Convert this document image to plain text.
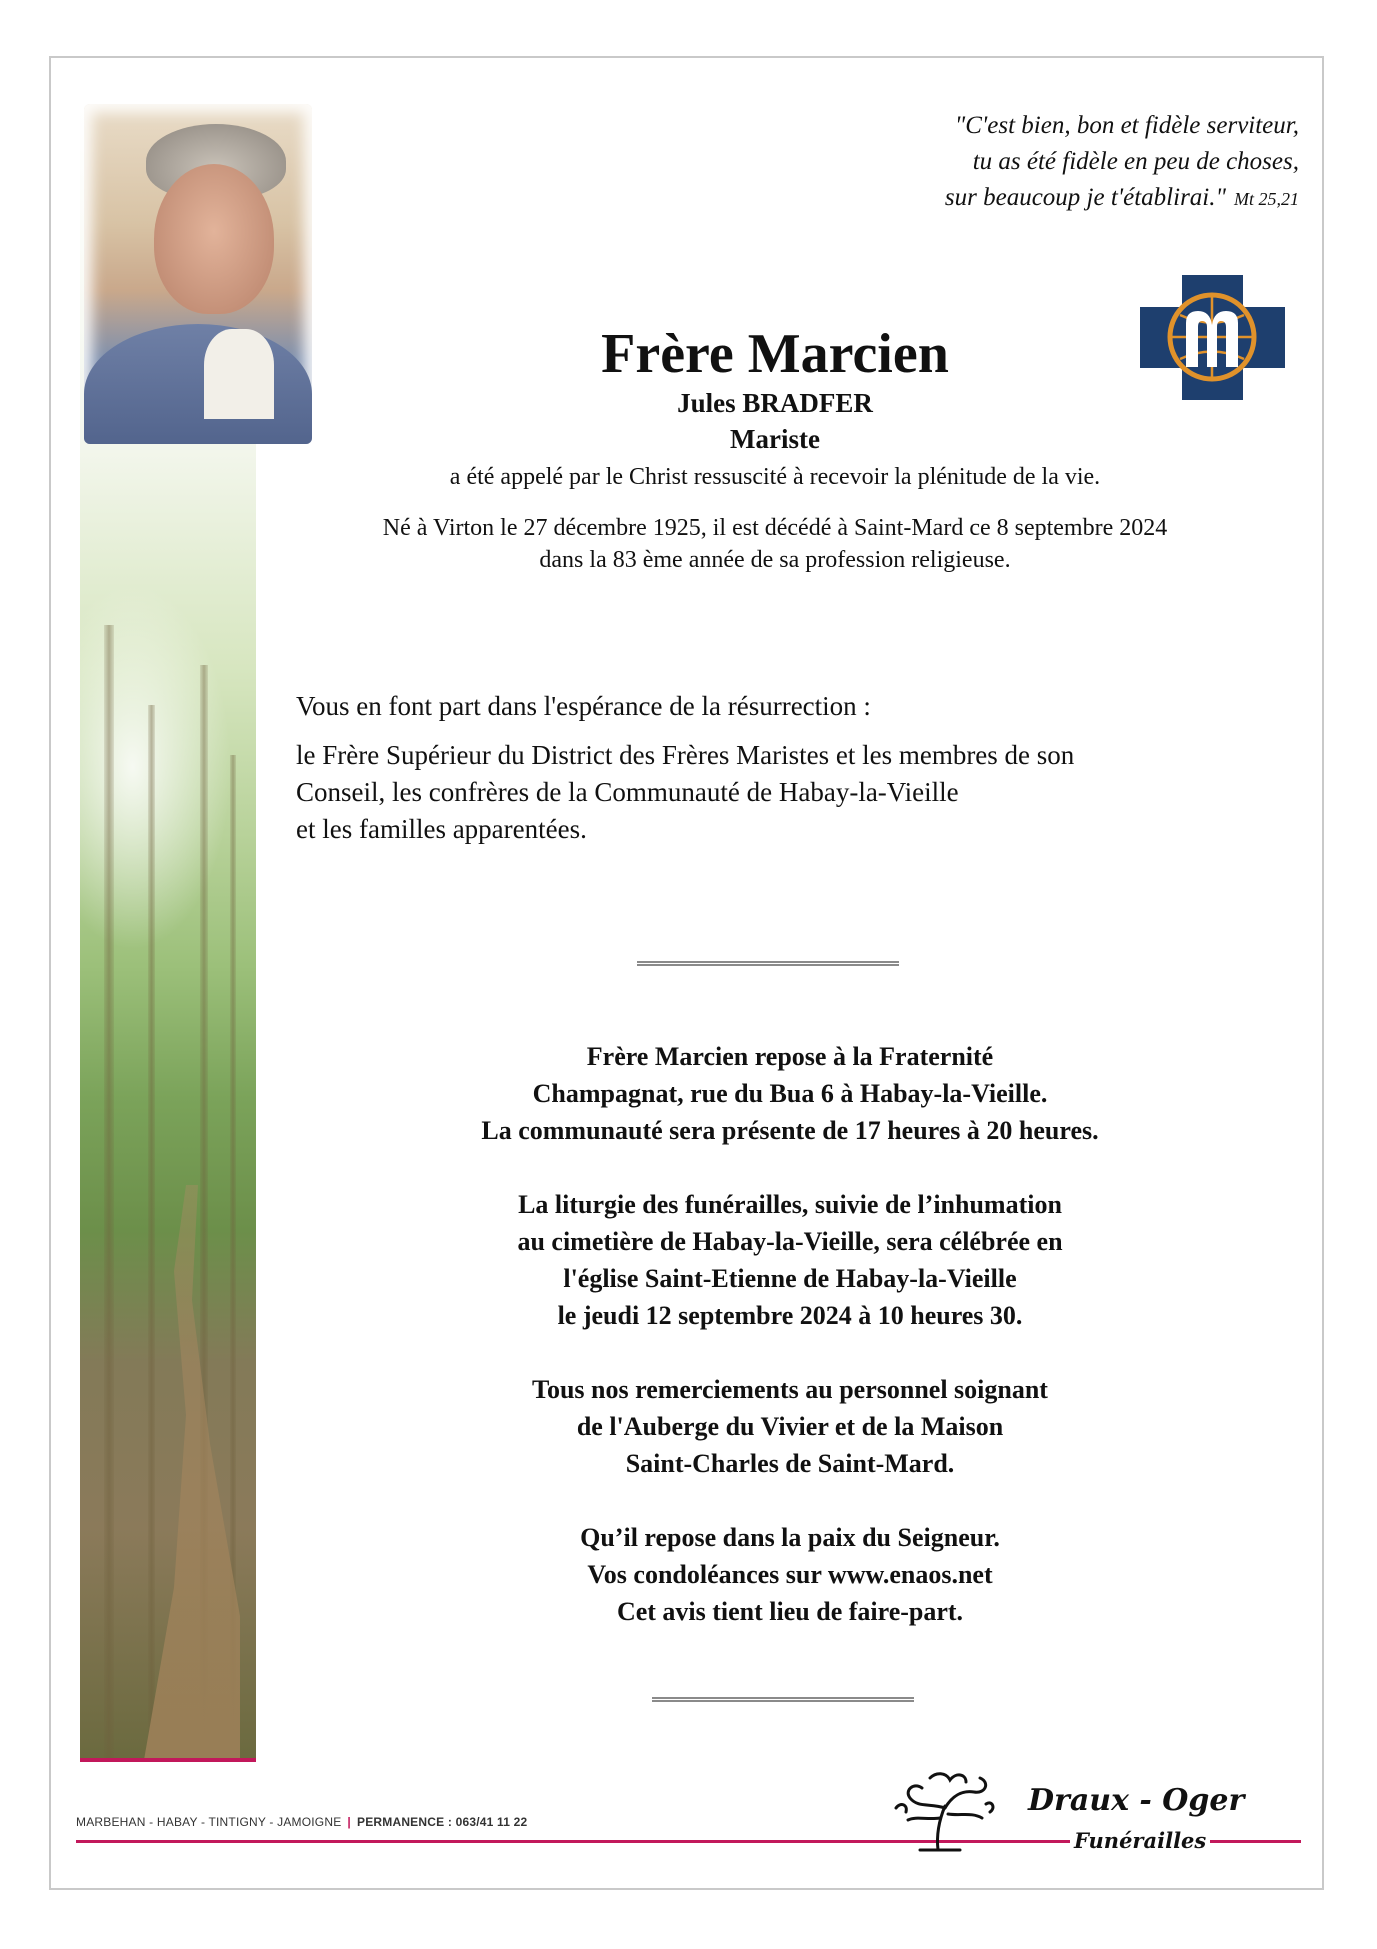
"C'est bien, bon et fidèle serviteur,
tu as été fidèle en peu de choses,
sur beaucoup je t'établirai." Mt 25,21
Frère Marcien
Jules BRADFER
Mariste
a été appelé par le Christ ressuscité à recevoir la plénitude de la vie.
Né à Virton le 27 décembre 1925, il est décédé à Saint-Mard ce 8 septembre 2024
dans la 83 ème année de sa profession religieuse.

Vous en font part dans l'espérance de la résurrection :

le Frère Supérieur du District des Frères Maristes et les membres de son

Conseil, les confrères de la Communauté de Habay-la-Vieille

et les familles apparentées.

Frère Marcien repose à la Fraternité
Champagnat, rue du Bua 6 à Habay-la-Vieille.
La communauté sera présente de 17 heures à 20 heures.

La liturgie des funérailles, suivie de l’inhumation
au cimetière de Habay-la-Vieille, sera célébrée en
l'église Saint-Etienne de Habay-la-Vieille
le jeudi 12 septembre 2024 à 10 heures 30.

Tous nos remerciements au personnel soignant
de l'Auberge du Vivier et de la Maison
Saint-Charles de Saint-Mard.

Qu’il repose dans la paix du Seigneur.
Vos condoléances sur www.enaos.net
Cet avis tient lieu de faire-part.

MARBEHAN - HABAY - TINTIGNY - JAMOIGNE | PERMANENCE : 063/41 11 22
Draux - Oger
Funérailles
